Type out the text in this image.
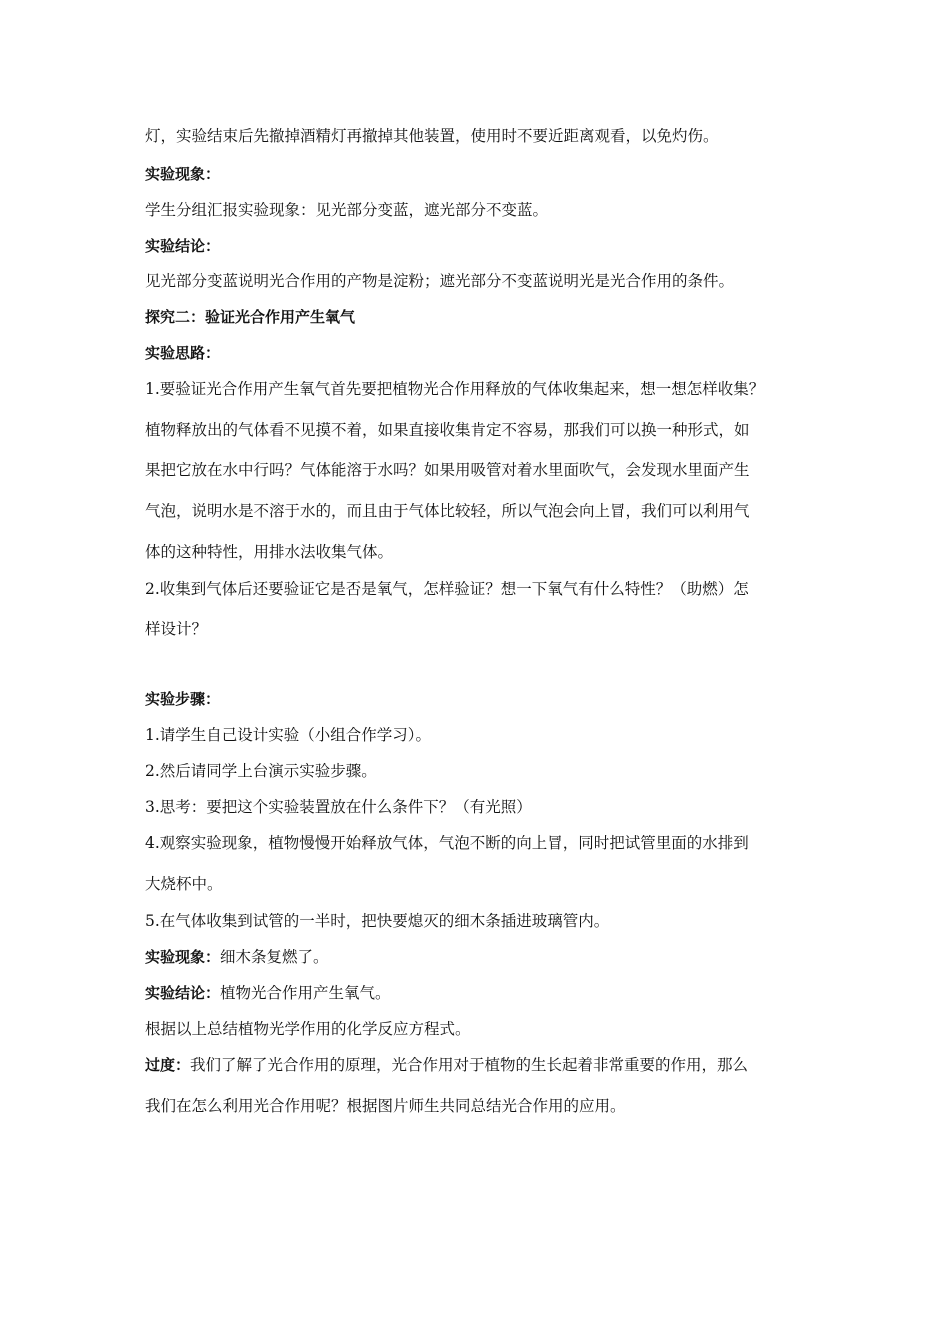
灯，实验结束后先撤掉酒精灯再撤掉其他装置，使用时不要近距离观看，以免灼伤。
实验现象：
学生分组汇报实验现象：见光部分变蓝，遮光部分不变蓝。
实验结论：
见光部分变蓝说明光合作用的产物是淀粉；遮光部分不变蓝说明光是光合作用的条件。
探究二：验证光合作用产生氧气
实验思路：
1.要验证光合作用产生氧气首先要把植物光合作用释放的气体收集起来，想一想怎样收集？
植物释放出的气体看不见摸不着，如果直接收集肯定不容易，那我们可以换一种形式，如
果把它放在水中行吗？气体能溶于水吗？如果用吸管对着水里面吹气，会发现水里面产生
气泡，说明水是不溶于水的，而且由于气体比较轻，所以气泡会向上冒，我们可以利用气
体的这种特性，用排水法收集气体。
2.收集到气体后还要验证它是否是氧气，怎样验证？想一下氧气有什么特性？（助燃）怎
样设计？
实验步骤：
1.请学生自己设计实验（小组合作学习）。
2.然后请同学上台演示实验步骤。
3.思考：要把这个实验装置放在什么条件下？（有光照）
4.观察实验现象，植物慢慢开始释放气体，气泡不断的向上冒，同时把试管里面的水排到
大烧杯中。
5.在气体收集到试管的一半时，把快要熄灭的细木条插进玻璃管内。
实验现象：细木条复燃了。
实验结论：植物光合作用产生氧气。
根据以上总结植物光学作用的化学反应方程式。
过度：我们了解了光合作用的原理，光合作用对于植物的生长起着非常重要的作用，那么
我们在怎么利用光合作用呢？根据图片师生共同总结光合作用的应用。
